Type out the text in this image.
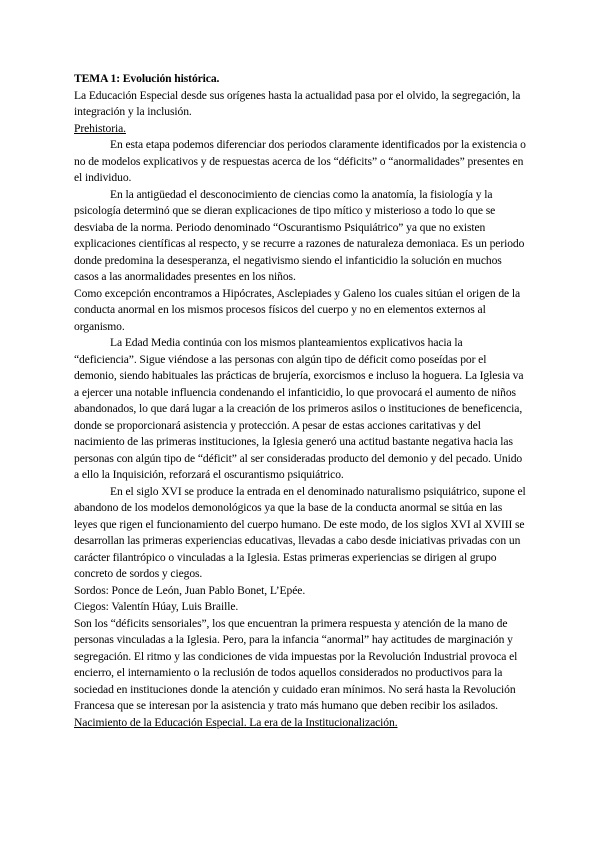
TEMA 1: Evolución histórica.

La Educación Especial desde sus orígenes hasta la actualidad pasa por el olvido, la segregación, la integración y la inclusión.

Prehistoria.

En esta etapa podemos diferenciar dos periodos claramente identificados por la existencia o no de modelos explicativos y de respuestas acerca de los “déficits” o “anormalidades” presentes en el individuo.

En la antigüedad el desconocimiento de ciencias como la anatomía, la fisiología y la psicología determinó que se dieran explicaciones de tipo mítico y misterioso a todo lo que se desviaba de la norma. Periodo denominado “Oscurantismo Psiquiátrico” ya que no existen explicaciones científicas al respecto, y se recurre a razones de naturaleza demoniaca. Es un periodo donde predomina la desesperanza, el negativismo siendo el infanticidio la solución en muchos casos a las anormalidades presentes en los niños.

Como excepción encontramos a Hipócrates, Asclepiades y Galeno los cuales sitúan el origen de la conducta anormal en los mismos procesos físicos del cuerpo y no en elementos externos al organismo.

La Edad Media continúa con los mismos planteamientos explicativos hacia la “deficiencia”. Sigue viéndose a las personas con algún tipo de déficit como poseídas por el demonio, siendo habituales las prácticas de brujería, exorcismos e incluso la hoguera. La Iglesia va a ejercer una notable influencia condenando el infanticidio, lo que provocará el aumento de niños abandonados, lo que dará lugar a la creación de los primeros asilos o instituciones de beneficencia, donde se proporcionará asistencia y protección. A pesar de estas acciones caritativas y del nacimiento de las primeras instituciones, la Iglesia generó una actitud bastante negativa hacia las personas con algún tipo de “déficit” al ser consideradas producto del demonio y del pecado. Unido a ello la Inquisición, reforzará el oscurantismo psiquiátrico.

En el siglo XVI se produce la entrada en el denominado naturalismo psiquiátrico, supone el abandono de los modelos demonológicos ya que la base de la conducta anormal se sitúa en las leyes que rigen el funcionamiento del cuerpo humano. De este modo, de los siglos XVI al XVIII se desarrollan las primeras experiencias educativas, llevadas a cabo desde iniciativas privadas con un carácter filantrópico o vinculadas a la Iglesia. Estas primeras experiencias se dirigen al grupo concreto de sordos y ciegos.

Sordos: Ponce de León, Juan Pablo Bonet, L’Epée.

Ciegos: Valentín Húay, Luis Braille.

Son los “déficits sensoriales”, los que encuentran la primera respuesta y atención de la mano de personas vinculadas a la Iglesia. Pero, para la infancia “anormal” hay actitudes de marginación y segregación. El ritmo y las condiciones de vida impuestas por la Revolución Industrial provoca el encierro, el internamiento o la reclusión de todos aquellos considerados no productivos para la sociedad en instituciones donde la atención y cuidado eran mínimos. No será hasta la Revolución Francesa que se interesan por la asistencia y trato más humano que deben recibir los asilados.

Nacimiento de la Educación Especial. La era de la Institucionalización.
